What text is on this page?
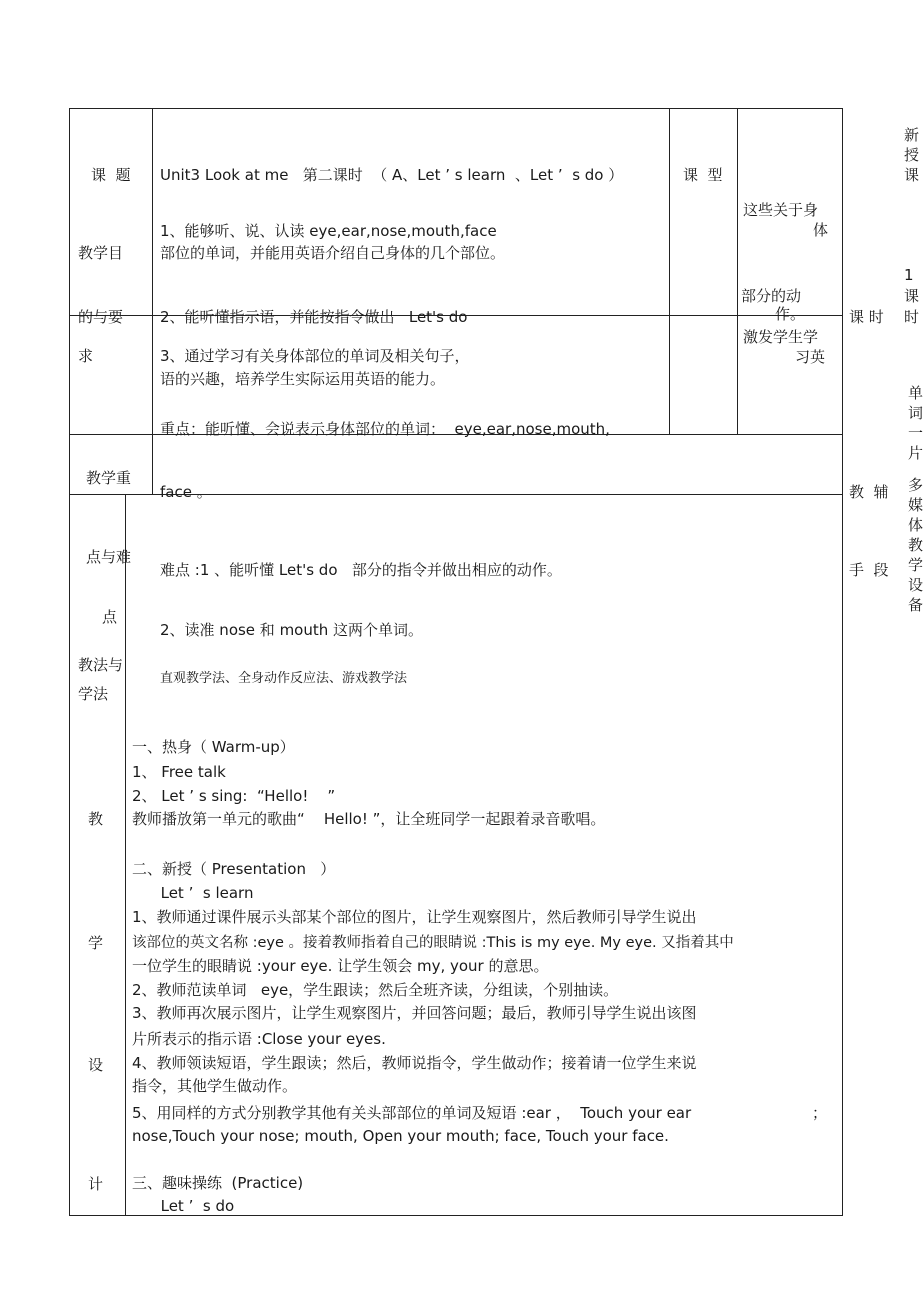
课  题 Unit3 Look at me   第二课时  （ A、Let ’ s learn  、Let ’  s do ）	课  型
新
授
课
教学目
的与要
求
1、能够听、说、认读 eye,ear,nose,mouth,face
部位的单词，并能用英语介绍自己身体的几个部位。
2、能听懂指示语，并能按指令做出   Let's do
3、通过学习有关身体部位的单词及相关句子，
语的兴趣，培养学生实际运用英语的能力。
这些关于身
体
部分的动
作。
激发学生学
习英
课 时
1
课
时
重点：能听懂、会说表示身体部位的单词：  eye,ear,nose,mouth,
face 。
教学重
点与难
点
难点 :1 、能听懂 Let's do   部分的指令并做出相应的动作。
2、读准 nose 和 mouth 这两个单词。
教  辅
手  段
单
词
一
片
多
媒
体
教
学
设
备
教法与
学法
直观教学法、全身动作反应法、游戏教学法
教
学
设
计
一、热身（ Warm-up）
1、 Free talk
2、 Let ’ s sing:  “Hello!    ”
教师播放第一单元的歌曲“    Hello! ”，让全班同学一起跟着录音歌唱。
二、新授（ Presentation   ）
Let ’  s learn
1、教师通过课件展示头部某个部位的图片，让学生观察图片，然后教师引导学生说出
该部位的英文名称 :eye 。接着教师指着自己的眼睛说 :This is my eye. My eye. 又指着其中
一位学生的眼睛说 :your eye. 让学生领会 my, your 的意思。
2、教师范读单词   eye，学生跟读；然后全班齐读，分组读，个别抽读。
3、教师再次展示图片，让学生观察图片，并回答问题；最后，教师引导学生说出该图
片所表示的指示语 :Close your eyes.
4、教师领读短语，学生跟读；然后，教师说指令，学生做动作；接着请一位学生来说
指令，其他学生做动作。
5、用同样的方式分别教学其他有关头部部位的单词及短语 :ear ，  Touch your ear	；
nose,Touch your nose; mouth, Open your mouth; face, Touch your face.
三、趣味操练  (Practice)
Let ’  s do
